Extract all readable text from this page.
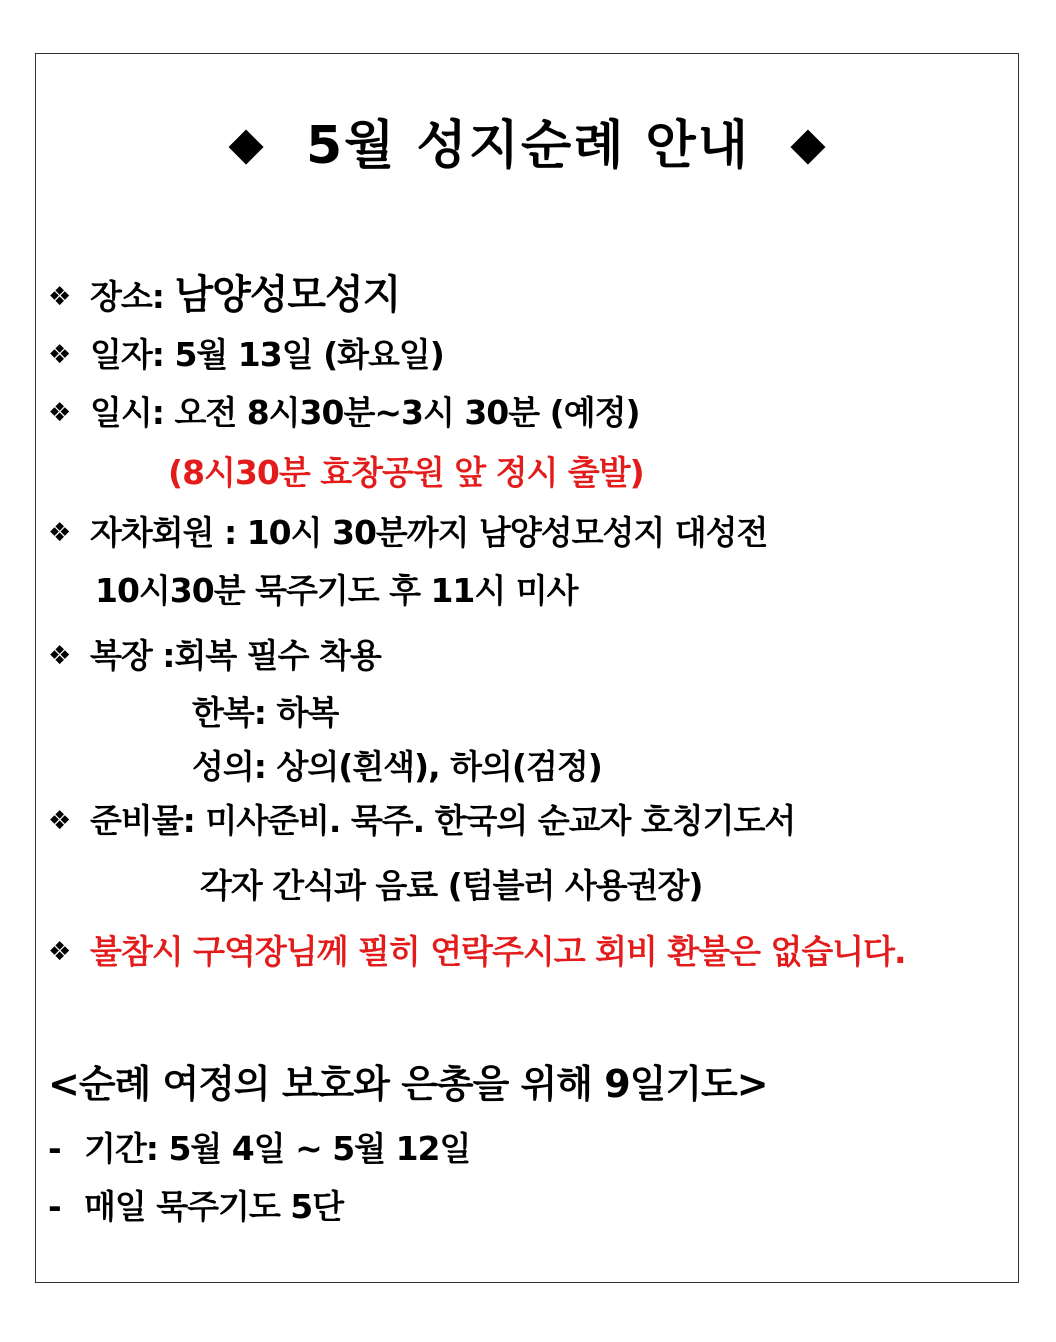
◆ 5월 성지순례 안내 ◆
❖ 장소: 남양성모성지
❖ 일자: 5월 13일 (화요일)
❖ 일시: 오전 8시30분~3시 30분 (예정)
(8시30분 효창공원 앞 정시 출발)
❖ 자차회원 : 10시 30분까지 남양성모성지 대성전
10시30분 묵주기도 후 11시 미사
❖ 복장 :회복 필수 착용
한복: 하복
성의: 상의(흰색), 하의(검정)
❖ 준비물: 미사준비. 묵주. 한국의 순교자 호칭기도서
각자 간식과 음료 (텀블러 사용권장)
❖ 불참시 구역장님께 필히 연락주시고 회비 환불은 없습니다.
<순례 여정의 보호와 은총을 위해 9일기도>
- 기간: 5월 4일 ~ 5월 12일
- 매일 묵주기도 5단
